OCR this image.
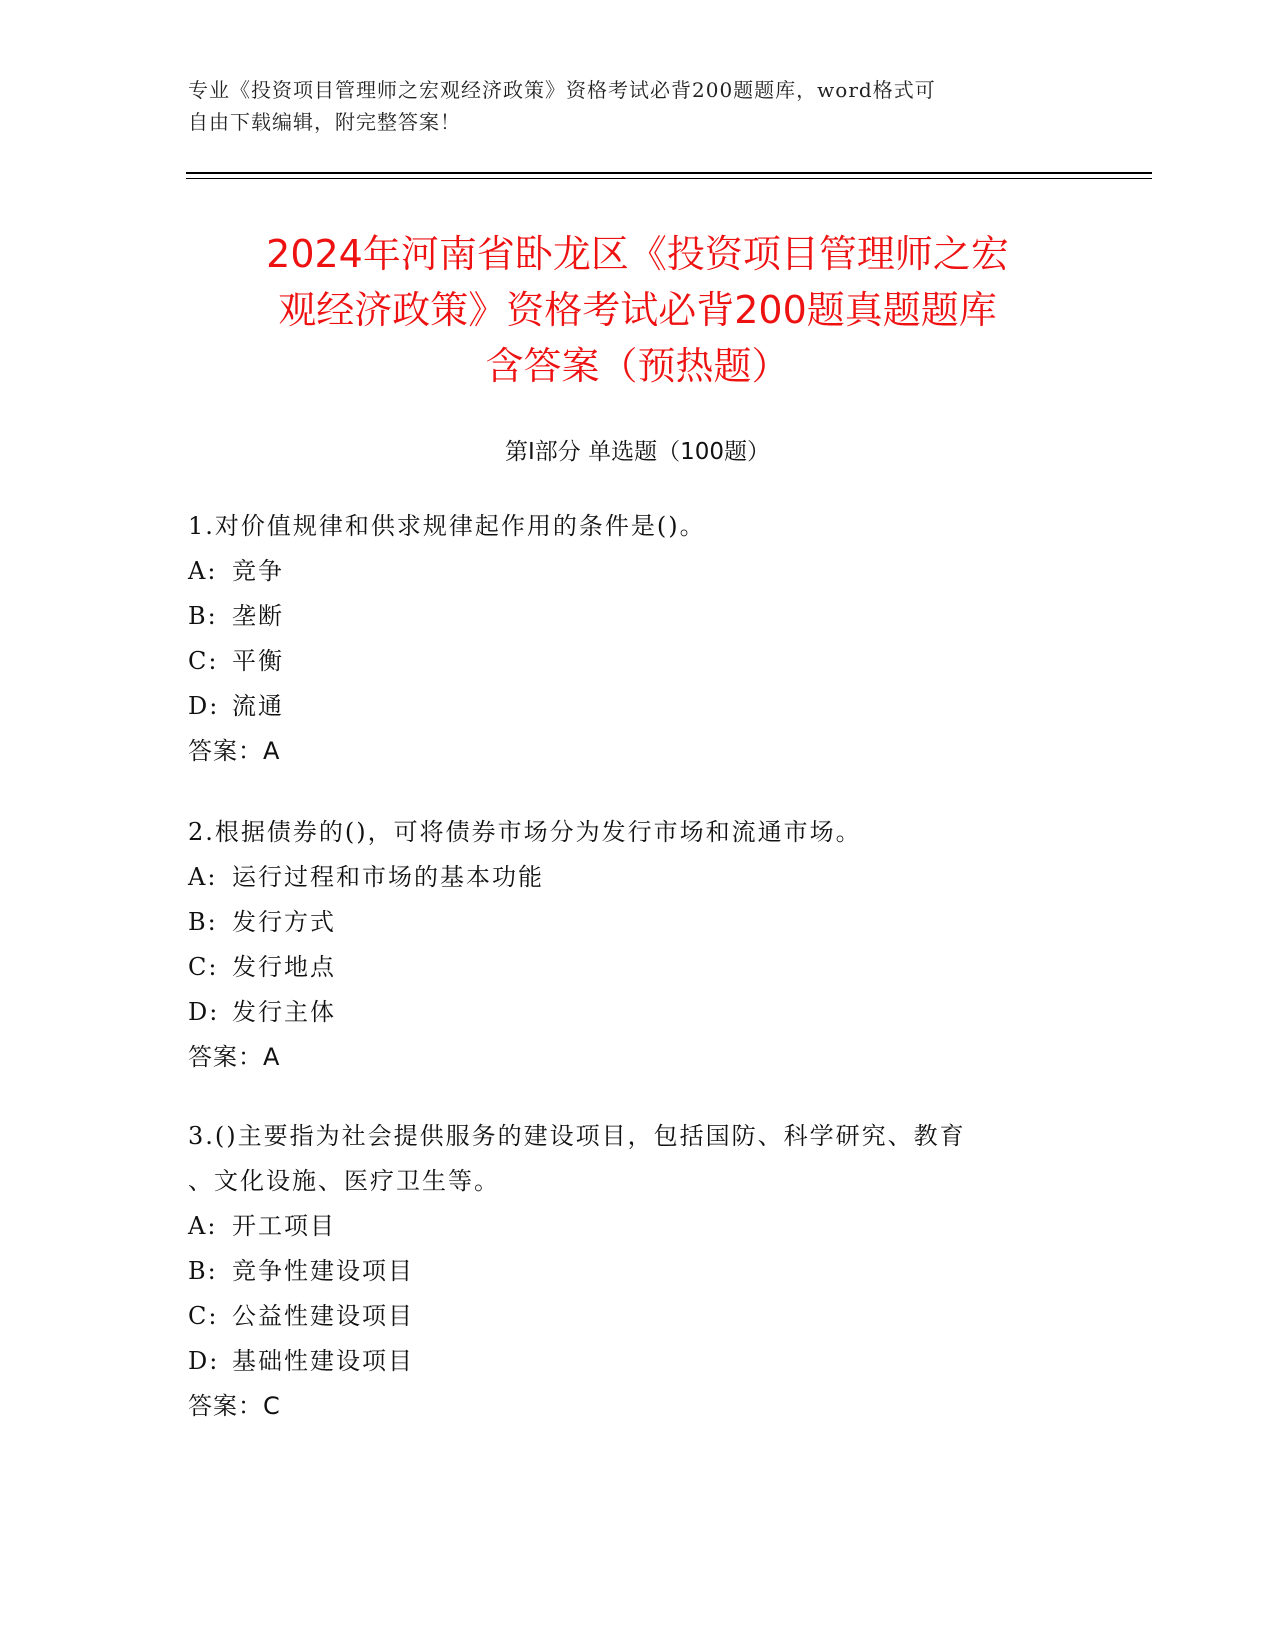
专业《投资项目管理师之宏观经济政策》资格考试必背200题题库，word格式可
自由下载编辑，附完整答案！
2024年河南省卧龙区《投资项目管理师之宏
观经济政策》资格考试必背200题真题题库
含答案（预热题）
第I部分 单选题（100题）
1.对价值规律和供求规律起作用的条件是()。
A: 竞争
B: 垄断
C: 平衡
D: 流通
答案：A
2.根据债券的()，可将债券市场分为发行市场和流通市场。
A: 运行过程和市场的基本功能
B: 发行方式
C: 发行地点
D: 发行主体
答案：A
3.()主要指为社会提供服务的建设项目，包括国防、科学研究、教育
、文化设施、医疗卫生等。
A: 开工项目
B: 竞争性建设项目
C: 公益性建设项目
D: 基础性建设项目
答案：C
